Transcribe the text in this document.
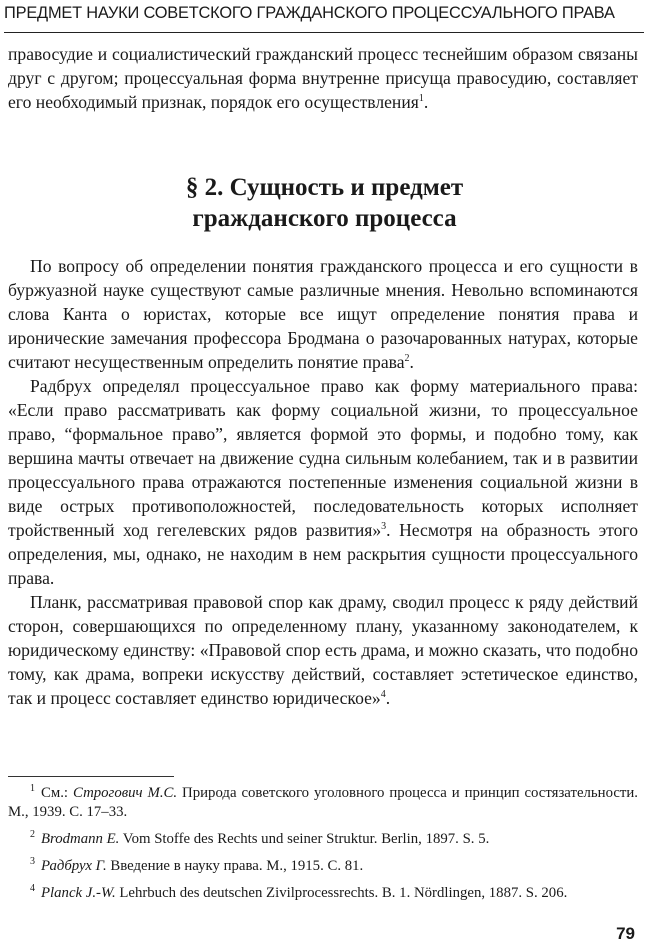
ПРЕДМЕТ НАУКИ СОВЕТСКОГО ГРАЖДАНСКОГО ПРОЦЕССУАЛЬНОГО ПРАВА

правосудие и социалистический гражданский процесс теснейшим образом связаны друг с другом; процессуальная форма внутренне присуща правосудию, составляет его необходимый признак, порядок его осуществления$^1$.

§ 2. Сущность и предмет
гражданского процесса

По вопросу об определении понятия гражданского процесса и его сущности в буржуазной науке существуют самые различные мнения. Невольно вспоминаются слова Канта о юристах, которые все ищут определение понятия права и иронические замечания профессора Бродмана о разочарованных натурах, которые считают несущественным определить понятие права$^2$.

Радбрух определял процессуальное право как форму материального права: «Если право рассматривать как форму социальной жизни, то процессуальное право, “формальное право”, является формой это формы, и подобно тому, как вершина мачты отвечает на движение судна сильным колебанием, так и в развитии процессуального права отражаются постепенные изменения социальной жизни в виде острых противоположностей, последовательность которых исполняет тройственный ход гегелевских рядов развития»$^3$. Несмотря на образность этого определения, мы, однако, не находим в нем раскрытия сущности процессуального права.

Планк, рассматривая правовой спор как драму, сводил процесс к ряду действий сторон, совершающихся по определенному плану, указанному законодателем, к юридическому единству: «Правовой спор есть драма, и можно сказать, что подобно тому, как драма, вопреки искусству действий, составляет эстетическое единство, так и процесс составляет единство юридическое»$^4$.

$^1$ См.: Строгович М.С. Природа советского уголовного процесса и принцип состязательности. М., 1939. С. 17–33.

$^2$ Brodmann E. Vom Stoffe des Rechts und seiner Struktur. Berlin, 1897. S. 5.

$^3$ Радбрух Г. Введение в науку права. М., 1915. С. 81.

$^4$ Planck J.-W. Lehrbuch des deutschen Zivilprocessrechts. B. 1. Nördlingen, 1887. S. 206.

79
